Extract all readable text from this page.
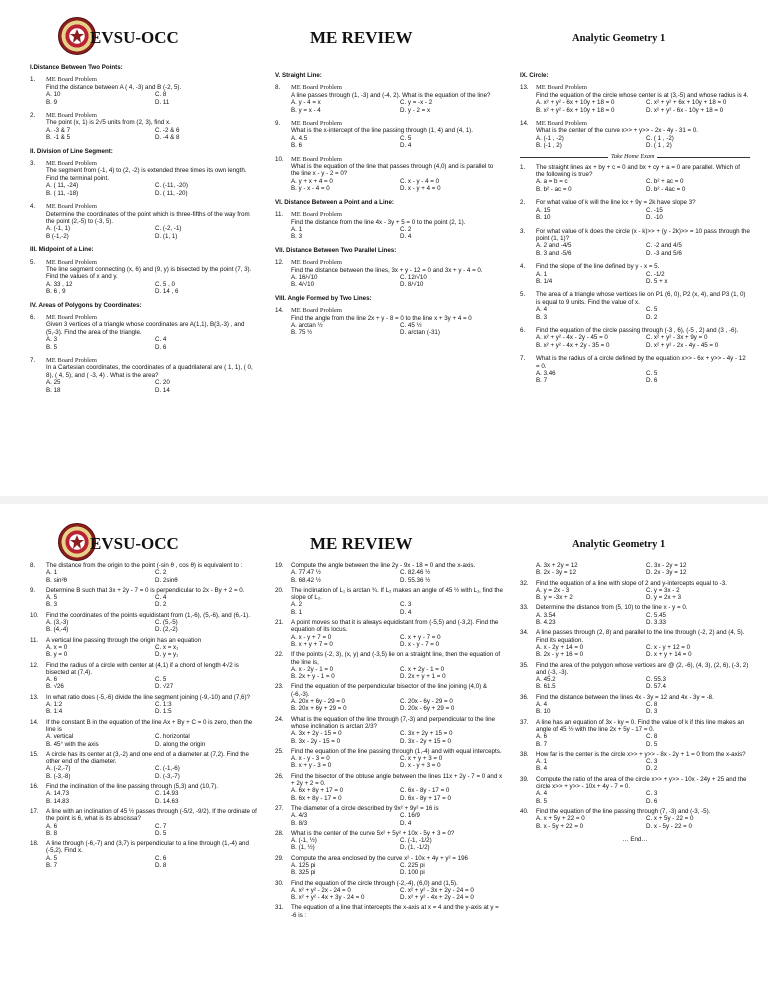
EVSU-OCC	ME REVIEW	Analytic Geometry 1
I.Distance Between Two Points:
1. ME Board Problem
Find the distance between A ( 4, -3) and B (-2, 5).
A. 10	C. 8
B. 9	D. 11
2. ME Board Problem
The point (x, 1) is 2√5 units from (2, 3), find x.
A. -3 & 7	C. -2 & 6
B. -1 & 5	D. -4 & 8
II. Division of Line Segment:
3. ME Board Problem
The segment from (-1, 4) to (2, -2) is extended three times its own length. Find the terminal point.
A. ( 11, -24)	C. (-11, -20)
B. ( 11, -18)	D. ( 11, -20)
4. ME Board Problem
Determine the coordinates of the point which is three-fifths of the way from the point (2,-5) to (-3, 5).
A. (-1, 1)	C. (-2, -1)
B (-1,-2)	D. (1, 1)
III. Midpoint of a Line:
5. ME Board Problem
The line segment connecting (x, 6) and (9, y) is bisected by the point (7, 3). Find the values of x and y.
A. 33 , 12	C. 5 , 0
B. 6 , 9	D. 14 , 6
IV. Areas of Polygons by Coordinates:
6. ME Board Problem
Given 3 vertices of a triangle whose coordinates are A(1,1), B(3,-3) , and (5,-3). Find the area of the triangle.
A. 3	C. 4
B. 5	D. 6
7. ME Board Problem
In a Cartesian coordinates, the coordinates of a quadrilateral are ( 1, 1), ( 0, 8), ( 4, 5), and ( -3, 4) . What is the area?
A. 25	C. 20
B. 18	D. 14
V. Straight Line:
8. ME Board Problem
A line passes through (1, -3) and (-4, 2). What is the equation of the line?
A. y - 4 = x	C. y = -x - 2
B. y = x - 4	D. y - 2 = x
9. ME Board Problem
What is the x-intercept of the line passing through (1, 4) and (4, 1).
A. 4.5	C. 5
B. 6	D. 4
10. ME Board Problem
What is the equation of the line that passes through (4,0) and is parallel to the line x - y - 2 = 0?
A. y + x + 4 = 0	C. x - y - 4 = 0
B. y - x - 4 = 0	D. x - y + 4 = 0
VI. Distance Between a Point and a Line:
11. ME Board Problem
Find the distance from the line 4x - 3y + 5 = 0 to the point (2, 1).
A. 1	C. 2
B. 3	D. 4
VII. Distance Between Two Parallel Lines:
12. ME Board Problem
Find the distance between the lines, 3x + y - 12 = 0 and 3x + y - 4 = 0.
A. 16/√10	C. 12/√10
B. 4/√10	D. 8/√10
VIII. Angle Formed by Two Lines:
14. ME Board Problem
Find the angle from the line 2x + y - 8 = 0 to the line x + 3y + 4 = 0
A. arctan ½	C. 45 ½
B. 75 ½	D. arctan (-31)
IX. Circle:
13. ME Board Problem
Find the equation of the circle whose center is at (3,-5) and whose radius is 4.
A. x² + y² - 6x + 10y + 18 = 0	C. x² + y² + 6x + 10y + 18 = 0
B. x² + y² - 6x + 10y + 18 = 0	D. x² + y² - 6x - 10y + 18 = 0
14. ME Board Problem
What is the center of the curve x>> + y>> - 2x - 4y - 31 = 0.
A. (-1 , -2)	C. ( 1 , -2)
B. (-1 , 2)	D. ( 1 , 2)
Take Home Exam
1. The straight lines ax + by + c = 0 and bx + cy + a = 0 are parallel. Which of the following is true?
A. a = b = c	C. b² + ac = 0
B. b² - ac = 0	D. b² - 4ac = 0
2. For what value of k will the line kx + 9y = 2k have slope 3?
A. 15	C. -15
B. 10	D. -10
3. For what value of k does the circle (x - k)>> + (y - 2k)>> = 10 pass through the point (1, 1)?
A. 2 and -4/5	C. -2 and 4/5
B. 3 and -5/6	D. -3 and 5/6
4. Find the slope of the line defined by y - x = 5.
A. 1	C. -1/2
B. 1/4	D. 5 + x
5. The area of a triangle whose vertices lie on P1 (6, 0), P2 (x, 4), and P3 (1, 0) is equal to 9 units. Find the value of x.
A. 4	C. 5
B. 3	D. 2
6. Find the equation of the circle passing through (-3 , 6), (-5 , 2) and (3 , -6).
A. x² + y² - 4x - 2y - 45 = 0	C. x² + y² - 3x + 9y = 0
B. x² + y² - 4x + 2y - 35 = 0	D. x² + y² - 2x - 4y - 45 = 0
7. What is the radius of a circle defined by the equation x>> - 6x + y>> - 4y - 12 = 0.
A. 3.46	C. 5
B. 7	D. 6
EVSU-OCC	ME REVIEW	Analytic Geometry 1
8. The distance from the origin to the point (-sin θ , cos θ) is equivalent to :
A. 1	C. 2
B. sin²θ	D. 2sinθ
9. Determine B such that 3x + 2y - 7 = 0 is perpendicular to 2x - By + 2 = 0.
A. 5	C. 4
B. 3	D. 2
10. Find the coordinates of the points equidistant from (1,-6), (5,-6), and (6,-1).
A. (3,-3)	C. (5,-5)
B. (4,-4)	D. (2,-2)
11. A vertical line passing through the origin has an equation
A. x = 0	C. x = x₁
B. y = 0	D. y = y₁
12. Find the radius of a circle with center at (4,1) if a chord of length 4√2 is bisected at (7,4).
A. 6	C. 5
B. √26	D. √27
13. In what ratio does (-5,-6) divide the line segment joining (-9,-10) and (7,6)?
A. 1:2	C. 1:3
B. 1:4	D. 1:5
14. If the constant B in the equation of the line Ax + By + C = 0 is zero, then the line is
A. vertical	C. horizontal
B. 45° with the axis	D. along the origin
15. A circle has its center at (3,-2) and one end of a diameter at (7,2). Find the other end of the diameter.
A. (-2,-7)	C. (-1,-6)
B. (-3,-8)	D. (-3,-7)
16. Find the inclination of the line passing through (5,3) and (10,7).
A. 14.73	C. 14.93
B. 14.83	D. 14.63
17. A line with an inclination of 45 ½ passes through (-5/2, -9/2). If the ordinate of the point is 6, what is its abscissa?
A. 6	C. 7
B. 8	D. 5
18. A line through (-6,-7) and (3,7) is perpendicular to a line through (1,-4) and (-5,2). Find x.
A. 5	C. 6
B. 7	D. 8
19. Compute the angle between the line 2y - 9x - 18 = 0 and the x-axis.
A. 77.47 ½	C. 82.46 ½
B. 68.42 ½	D. 55.36 ½
20. The inclination of L₁ is arctan ¾. If L₂ makes an angle of 45 ½ with L₁, find the slope of L₂.
A. 2	C. 3
B. 1	D. 4
21. A point moves so that it is always equidistant from (-5,5) and (-3,2). Find the equation of its locus.
A. x - y + 7 = 0	C. x + y - 7 = 0
B. x + y + 7 = 0	D. x - y - 7 = 0
22. If the points (-2, 3), (x, y) and (-3,5) lie on a straight line, then the equation of the line is,
A. x - 2y - 1 = 0	C. x + 2y - 1 = 0
B. 2x + y - 1 = 0	D. 2x + y + 1 = 0
23. Find the equation of the perpendicular bisector of the line joining (4,0) & (-6,-3).
A. 20x + 6y - 29 = 0	C. 20x - 6y - 29 = 0
B. 20x + 6y + 29 = 0	D. 20x - 6y + 29 = 0
24. What is the equation of the line through (7,-3) and perpendicular to the line whose inclination is arctan 2/3?
A. 3x + 2y - 15 = 0	C. 3x + 2y + 15 = 0
B. 3x - 2y - 15 = 0	D. 3x - 2y + 15 = 0
25. Find the equation of the line passing through (1,-4) and with equal intercepts.
A. x - y - 3 = 0	C. x + y + 3 = 0
B. x + y - 3 = 0	D. x - y + 3 = 0
26. Find the bisector of the obtuse angle between the lines 11x + 2y - 7 = 0 and x + 2y + 2 = 0.
A. 6x + 8y + 17 = 0	C. 6x - 8y - 17 = 0
B. 6x + 8y - 17 = 0	D. 6x - 8y + 17 = 0
27. The diameter of a circle described by 9x² + 9y² = 16 is
A. 4/3	C. 16/9
B. 8/3	D. 4
28. What is the center of the curve 5x² + 5y² + 10x - 5y + 3 = 0?
A. (-1, ½)	C. (-1, -1/2)
B. (1, ½)	D. (1, -1/2)
29. Compute the area enclosed by the curve x² - 10x + 4y + y² = 196
A. 125 pi	C. 225 pi
B. 325 pi	D. 100 pi
30. Find the equation of the circle through (-2,-4), (6,0) and (1,5).
A. x² + y² - 2x - 24 = 0	C. x² + y² - 3x + 2y - 24 = 0
B. x² + y² - 4x + 3y - 24 = 0	D. x² + y² - 4x + 2y - 24 = 0
31. The equation of a line that intercepts the x-axis at x = 4 and the y-axis at y = -6 is :
A. 3x + 2y = 12	C. 3x - 2y = 12
B. 2x - 3y = 12	D. 2x - 3y = 12
32. Find the equation of a line with slope of 2 and y-intercepts equal to -3.
A. y = 2x - 3	C. y = 3x - 2
B. y = -3x + 2	D. y = 2x + 3
33. Determine the distance from (5, 10) to the line x - y = 0.
A. 3.54	C. 5.45
B. 4.23	D. 3.33
34. A line passes through (2, 8) and parallel to the line through (-2, 2) and (4, 5). Find its equation.
A. x - 2y + 14 = 0	C. x - y + 12 = 0
B. 2x - y + 16 = 0	D. x + y + 14 = 0
35. Find the area of the polygon whose vertices are @ (2, -6), (4, 3), (2, 6), (-3, 2) and (-3, -3).
A. 45.2	C. 55.3
B. 61.5	D. 57.4
36. Find the distance between the lines 4x - 3y = 12 and 4x - 3y = -8.
A. 4	C. 8
B. 10	D. 3
37. A line has an equation of 3x - ky = 0. Find the value of k if this line makes an angle of 45 ½ with the line 2x + 5y - 17 = 0.
A. 6	C. 8
B. 7	D. 5
38. How far is the center is the circle x>> + y>> - 8x - 2y + 1 = 0 from the x-axis?
A. 1	C. 3
B. 4	D. 2
39. Compute the ratio of the area of the circle x>> + y>> - 10x - 24y + 25 and the circle x>> + y>> - 10x + 4y - 7 = 0.
A. 4	C. 3
B. 5	D. 6
40. Find the equation of the line passing through (7, -3) and (-3, -5).
A. x + 5y + 22 = 0	C. x + 5y - 22 = 0
B. x - 5y + 22 = 0	D. x - 5y - 22 = 0
… End…
